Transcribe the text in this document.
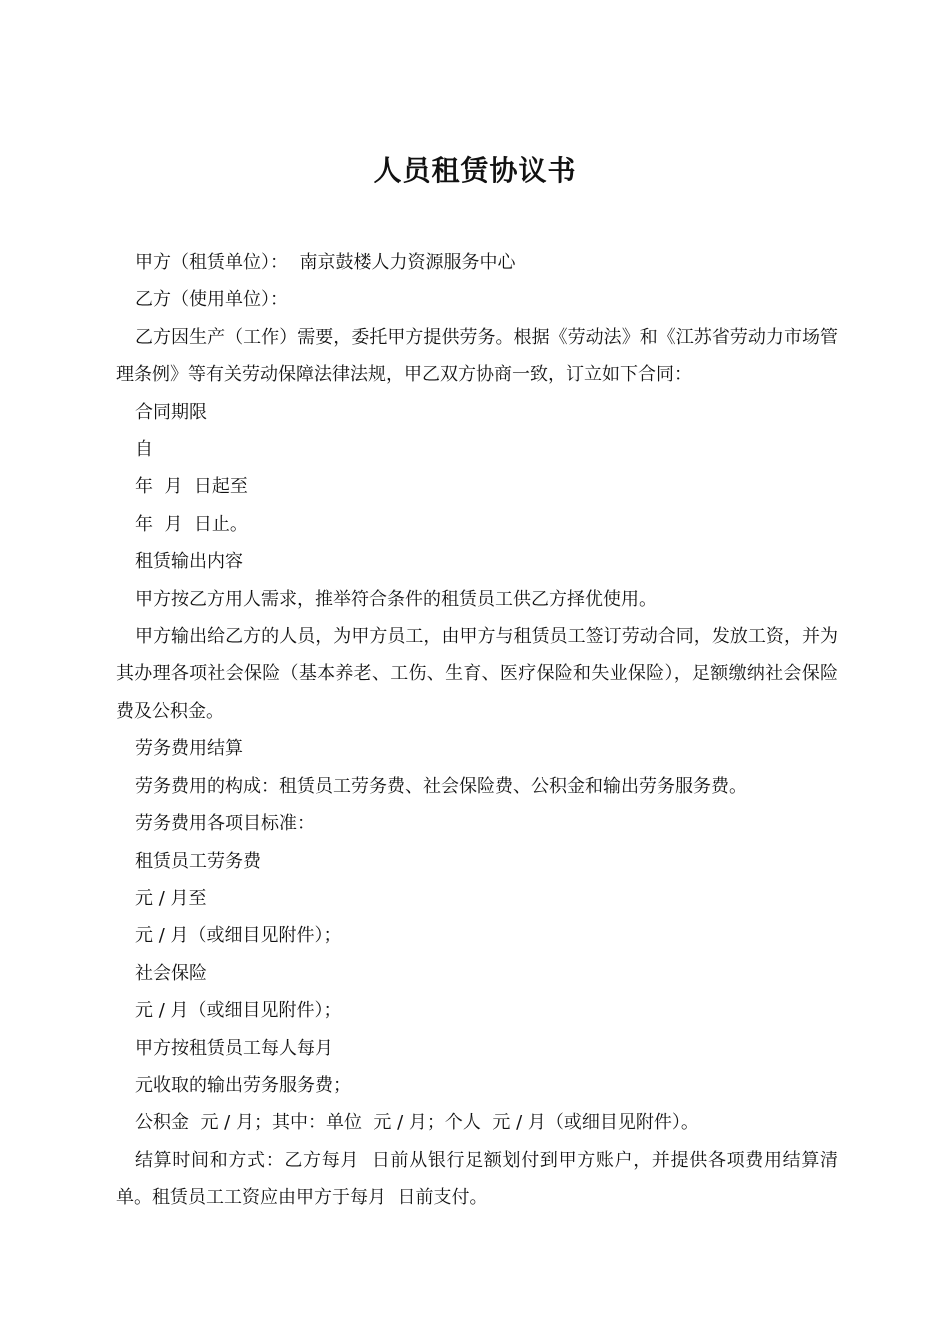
人员租赁协议书

甲方（租赁单位）：  南京鼓楼人力资源服务中心

乙方（使用单位）：

乙方因生产（工作）需要，委托甲方提供劳务。根据《劳动法》和《江苏省劳动力市场管理条例》等有关劳动保障法律法规，甲乙双方协商一致，订立如下合同：

合同期限

自

年  月  日起至

年  月  日止。

租赁输出内容

甲方按乙方用人需求，推举符合条件的租赁员工供乙方择优使用。

甲方输出给乙方的人员，为甲方员工，由甲方与租赁员工签订劳动合同，发放工资，并为其办理各项社会保险（基本养老、工伤、生育、医疗保险和失业保险），足额缴纳社会保险费及公积金。

劳务费用结算

劳务费用的构成：租赁员工劳务费、社会保险费、公积金和输出劳务服务费。

劳务费用各项目标准：

租赁员工劳务费

元 / 月至

元 / 月（或细目见附件）；

社会保险

元 / 月（或细目见附件）；

甲方按租赁员工每人每月

元收取的输出劳务服务费；

公积金  元 / 月；其中：单位  元 / 月；个人  元 / 月（或细目见附件）。

结算时间和方式：乙方每月  日前从银行足额划付到甲方账户，并提供各项费用结算清单。租赁员工工资应由甲方于每月  日前支付。
